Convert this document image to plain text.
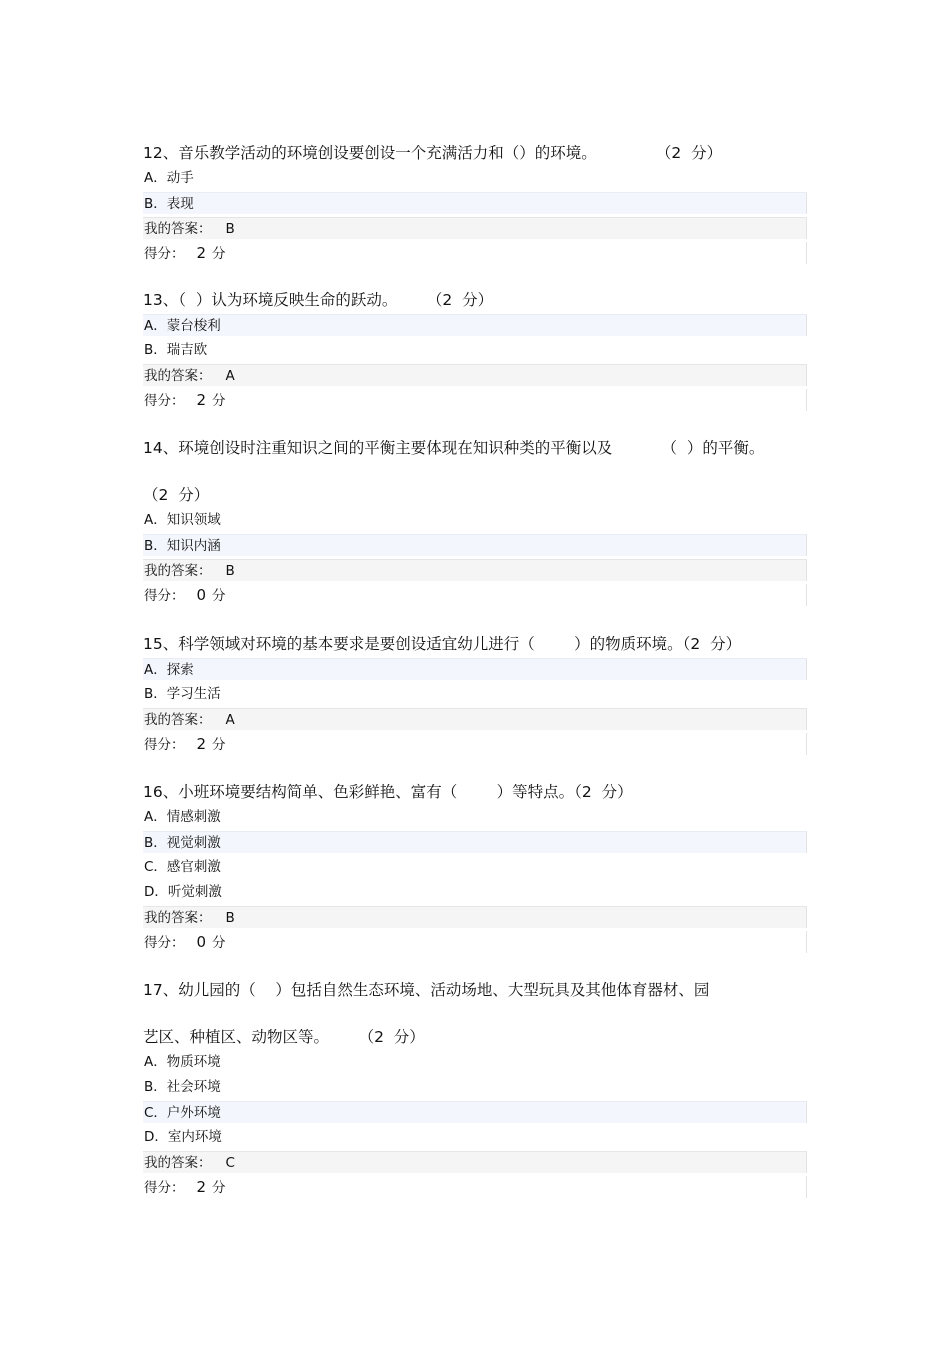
12、音乐教学活动的环境创设要创设一个充满活力和（）的环境。            （2  分）
A．动手
B．表现
我的答案： B
得分： 2 分
13、（  ）认为环境反映生命的跃动。      （2  分）
A．蒙台梭利
B．瑞吉欧
我的答案： A
得分： 2 分
14、环境创设时注重知识之间的平衡主要体现在知识种类的平衡以及          （  ）的平衡。
（2  分）
A．知识领域
B．知识内涵
我的答案： B
得分： 0 分
15、科学领域对环境的基本要求是要创设适宜幼儿进行（        ）的物质环境。（2  分）
A．探索
B．学习生活
我的答案： A
得分： 2 分
16、小班环境要结构简单、色彩鲜艳、富有（        ）等特点。（2  分）
A．情感刺激
B．视觉刺激
C．感官刺激
D．听觉刺激
我的答案： B
得分： 0 分
17、幼儿园的（    ）包括自然生态环境、活动场地、大型玩具及其他体育器材、园
艺区、种植区、动物区等。      （2  分）
A．物质环境
B．社会环境
C．户外环境
D．室内环境
我的答案： C
得分： 2 分
